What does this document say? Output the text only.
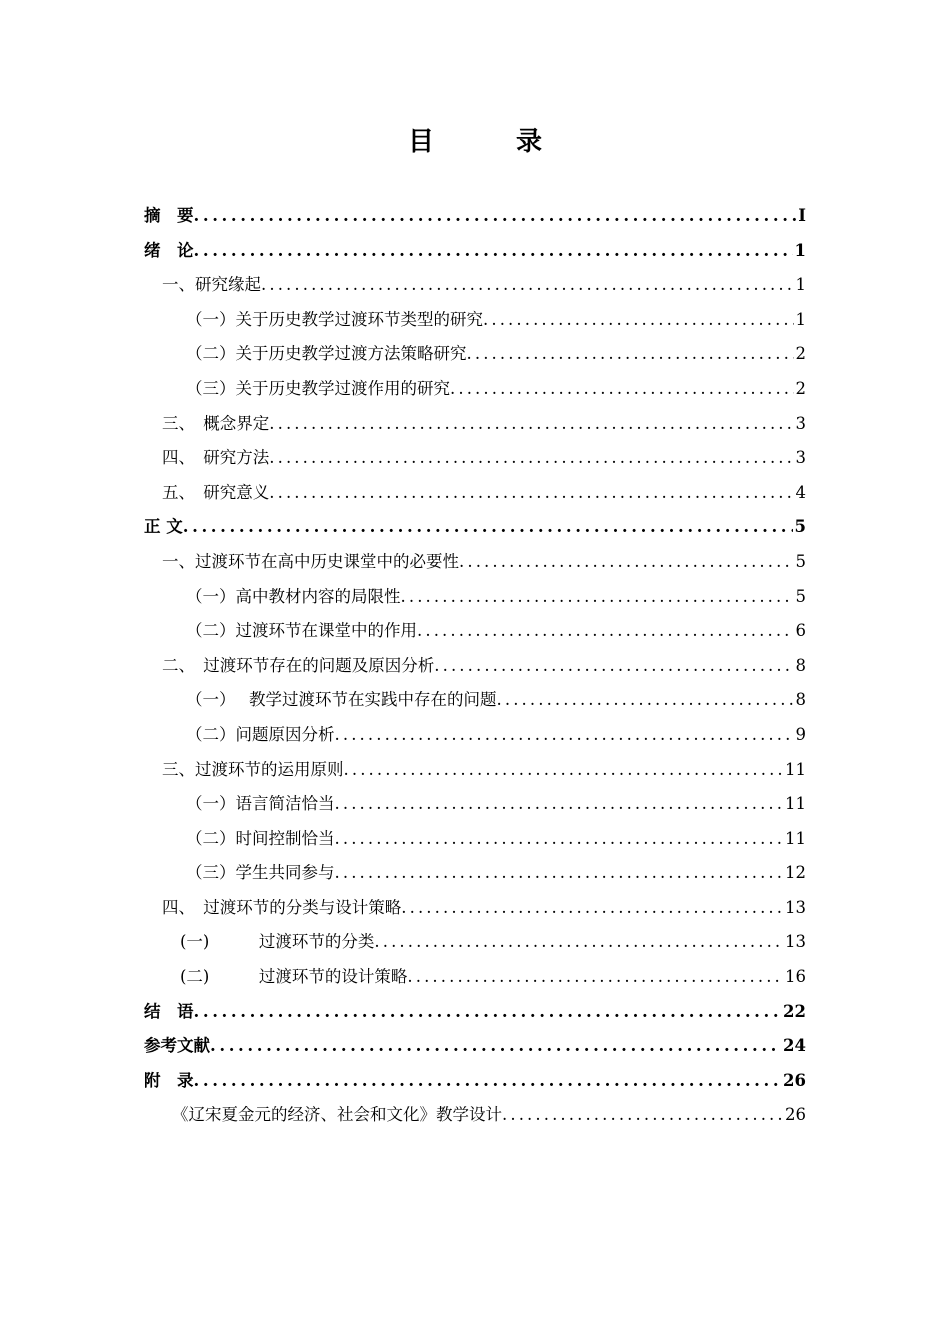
目　录
摘　要 .....	I
绪　论 .....	1
一、研究缘起 .....	1
（一）关于历史教学过渡环节类型的研究 .....	1
（二）关于历史教学过渡方法策略研究 .....	2
（三）关于历史教学过渡作用的研究 .....	2
三、　概念界定 .....	3
四、　研究方法 .....	3
五、　研究意义 .....	4
正 文 .....	5
一、过渡环节在高中历史课堂中的必要性 .....	5
（一）高中教材内容的局限性 .....	5
（二）过渡环节在课堂中的作用 .....	6
二、　过渡环节存在的问题及原因分析 .....	8
（一）　 教学过渡环节在实践中存在的问题 .....	8
（二）问题原因分析 .....	9
三、过渡环节的运用原则 .....	11
（一）语言简洁恰当 .....	11
（二）时间控制恰当 .....	11
（三）学生共同参与 .....	12
四、　过渡环节的分类与设计策略 .....	13
(一)　　　过渡环节的分类 .....	13
(二)　　　过渡环节的设计策略 .....	16
结　语 .....	22
参考文献 .....	24
附　录 .....	26
《辽宋夏金元的经济、社会和文化》教学设计 .....	26
